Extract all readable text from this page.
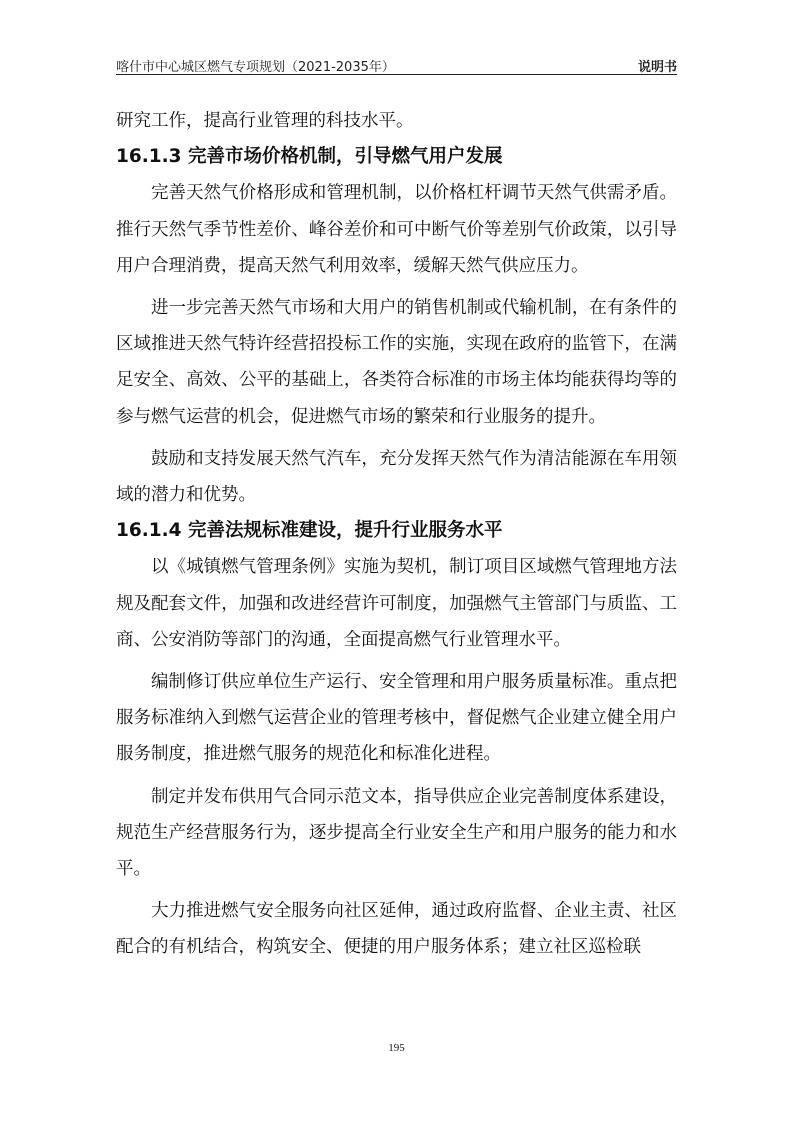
喀什市中心城区燃气专项规划（2021-2035年）	说明书

研究工作，提高行业管理的科技水平。

16.1.3 完善市场价格机制，引导燃气用户发展

完善天然气价格形成和管理机制，以价格杠杆调节天然气供需矛盾。推行天然气季节性差价、峰谷差价和可中断气价等差别气价政策，以引导用户合理消费，提高天然气利用效率，缓解天然气供应压力。

进一步完善天然气市场和大用户的销售机制或代输机制，在有条件的区域推进天然气特许经营招投标工作的实施，实现在政府的监管下，在满足安全、高效、公平的基础上，各类符合标准的市场主体均能获得均等的参与燃气运营的机会，促进燃气市场的繁荣和行业服务的提升。

鼓励和支持发展天然气汽车，充分发挥天然气作为清洁能源在车用领域的潜力和优势。

16.1.4 完善法规标准建设，提升行业服务水平

以《城镇燃气管理条例》实施为契机，制订项目区域燃气管理地方法规及配套文件，加强和改进经营许可制度，加强燃气主管部门与质监、工商、公安消防等部门的沟通，全面提高燃气行业管理水平。

编制修订供应单位生产运行、安全管理和用户服务质量标准。重点把服务标准纳入到燃气运营企业的管理考核中，督促燃气企业建立健全用户服务制度，推进燃气服务的规范化和标准化进程。

制定并发布供用气合同示范文本，指导供应企业完善制度体系建设，规范生产经营服务行为，逐步提高全行业安全生产和用户服务的能力和水平。

大力推进燃气安全服务向社区延伸，通过政府监督、企业主责、社区配合的有机结合，构筑安全、便捷的用户服务体系；建立社区巡检联

195
